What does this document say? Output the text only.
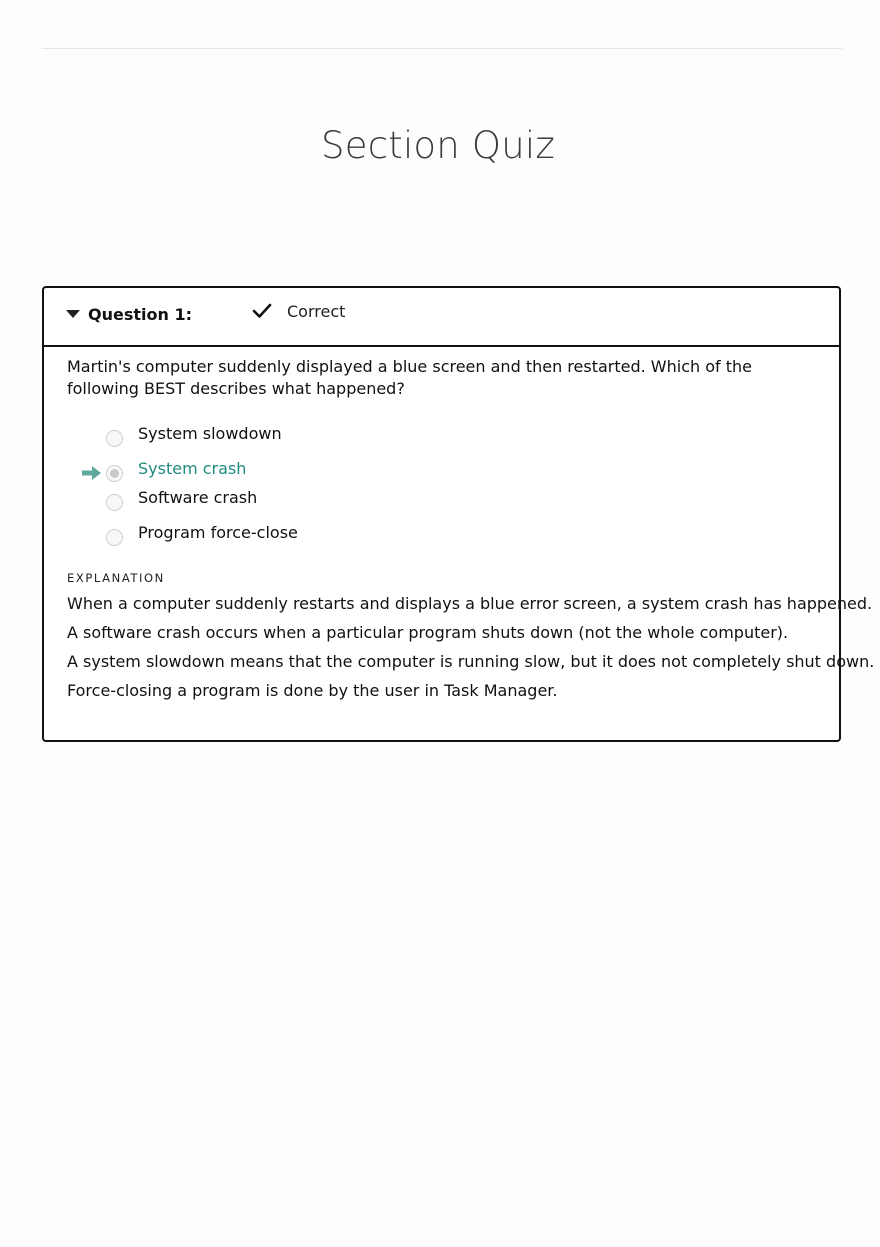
Section Quiz
Question 1:	Correct
Martin's computer suddenly displayed a blue screen and then restarted. Which of the following BEST describes what happened?
System slowdown
System crash
Software crash
Program force-close
EXPLANATION
When a computer suddenly restarts and displays a blue error screen, a system crash has happened.
A software crash occurs when a particular program shuts down (not the whole computer).
A system slowdown means that the computer is running slow, but it does not completely shut down.
Force-closing a program is done by the user in Task Manager.
